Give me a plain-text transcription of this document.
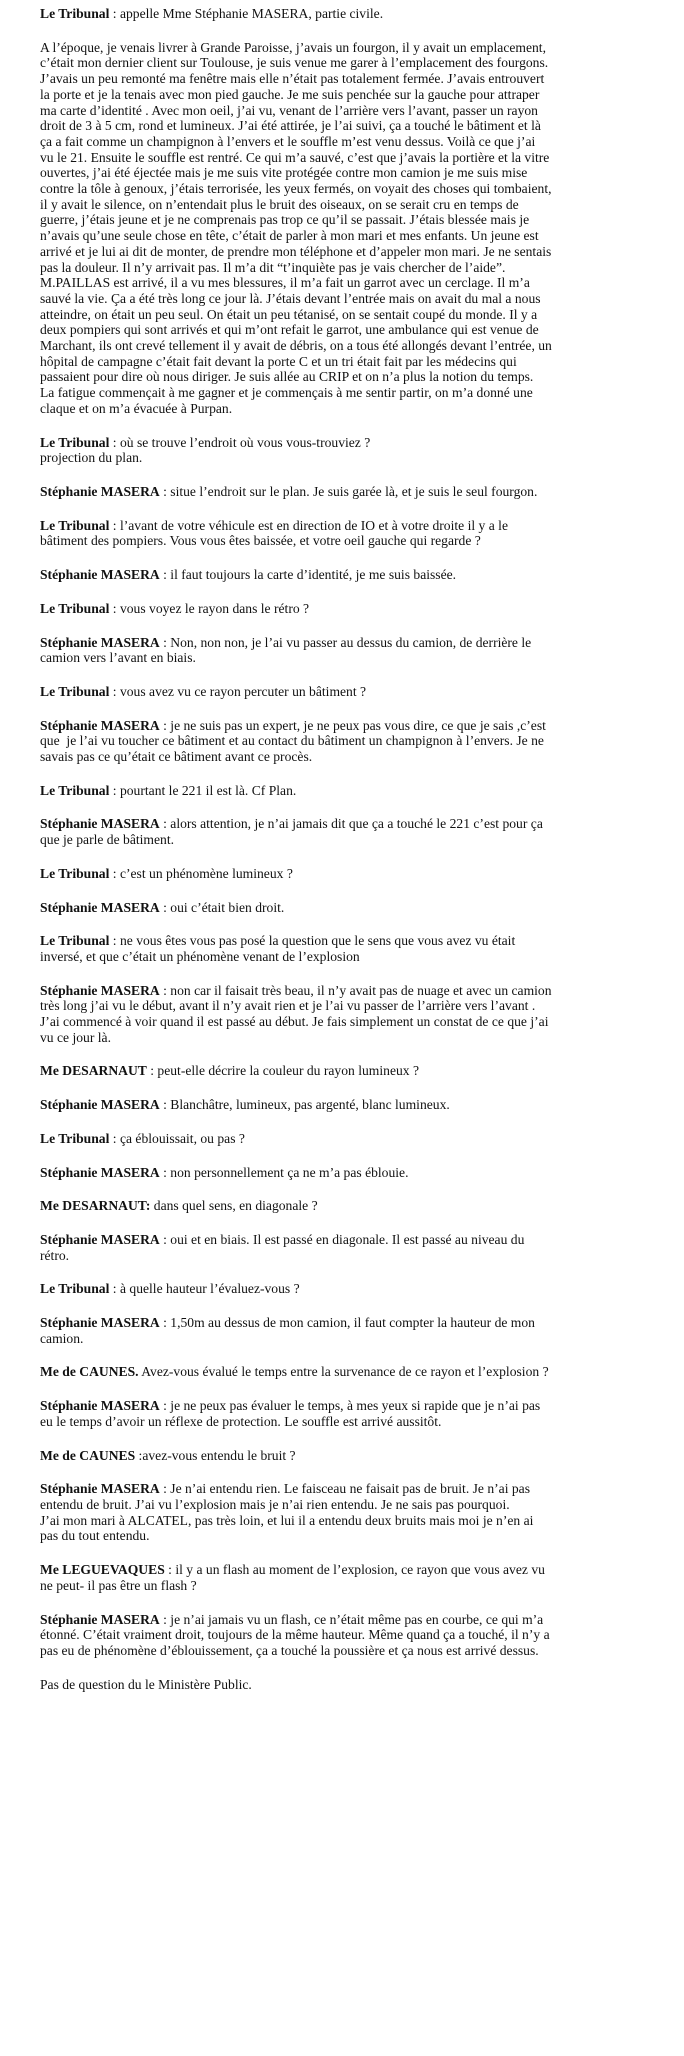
Le Tribunal : appelle Mme Stéphanie MASERA, partie civile.
A l’époque, je venais livrer à Grande Paroisse, j’avais un fourgon, il y avait un emplacement,
c’était mon dernier client sur Toulouse, je suis venue me garer à l’emplacement des fourgons.
J’avais un peu remonté ma fenêtre mais elle n’était pas totalement fermée. J’avais entrouvert
la porte et je la tenais avec mon pied gauche. Je me suis penchée sur la gauche pour attraper
ma carte d’identité . Avec mon oeil, j’ai vu, venant de l’arrière vers l’avant, passer un rayon
droit de 3 à 5 cm, rond et lumineux. J’ai été attirée, je l’ai suivi, ça a touché le bâtiment et là
ça a fait comme un champignon à l’envers et le souffle m’est venu dessus. Voilà ce que j’ai
vu le 21. Ensuite le souffle est rentré. Ce qui m’a sauvé, c’est que j’avais la portière et la vitre
ouvertes, j’ai été éjectée mais je me suis vite protégée contre mon camion je me suis mise
contre la tôle à genoux, j’étais terrorisée, les yeux fermés, on voyait des choses qui tombaient,
il y avait le silence, on n’entendait plus le bruit des oiseaux, on se serait cru en temps de
guerre, j’étais jeune et je ne comprenais pas trop ce qu’il se passait. J’étais blessée mais je
n’avais qu’une seule chose en tête, c’était de parler à mon mari et mes enfants. Un jeune est
arrivé et je lui ai dit de monter, de prendre mon téléphone et d’appeler mon mari. Je ne sentais
pas la douleur. Il n’y arrivait pas. Il m’a dit “t’inquiète pas je vais chercher de l’aide”.
M.PAILLAS est arrivé, il a vu mes blessures, il m’a fait un garrot avec un cerclage. Il m’a
sauvé la vie. Ça a été très long ce jour là. J’étais devant l’entrée mais on avait du mal a nous
atteindre, on était un peu seul. On était un peu tétanisé, on se sentait coupé du monde. Il y a
deux pompiers qui sont arrivés et qui m’ont refait le garrot, une ambulance qui est venue de
Marchant, ils ont crevé tellement il y avait de débris, on a tous été allongés devant l’entrée, un
hôpital de campagne c’était fait devant la porte C et un tri était fait par les médecins qui
passaient pour dire où nous diriger. Je suis allée au CRIP et on n’a plus la notion du temps.
La fatigue commençait à me gagner et je commençais à me sentir partir, on m’a donné une
claque et on m’a évacuée à Purpan.
Le Tribunal : où se trouve l’endroit où vous vous-trouviez ?
projection du plan.
Stéphanie MASERA : situe l’endroit sur le plan. Je suis garée là, et je suis le seul fourgon.
Le Tribunal : l’avant de votre véhicule est en direction de IO et à votre droite il y a le
bâtiment des pompiers. Vous vous êtes baissée, et votre oeil gauche qui regarde ?
Stéphanie MASERA : il faut toujours la carte d’identité, je me suis baissée.
Le Tribunal : vous voyez le rayon dans le rétro ?
Stéphanie MASERA : Non, non non, je l’ai vu passer au dessus du camion, de derrière le
camion vers l’avant en biais.
Le Tribunal : vous avez vu ce rayon percuter un bâtiment ?
Stéphanie MASERA : je ne suis pas un expert, je ne peux pas vous dire, ce que je sais ,c’est
que  je l’ai vu toucher ce bâtiment et au contact du bâtiment un champignon à l’envers. Je ne
savais pas ce qu’était ce bâtiment avant ce procès.
Le Tribunal : pourtant le 221 il est là. Cf Plan.
Stéphanie MASERA : alors attention, je n’ai jamais dit que ça a touché le 221 c’est pour ça
que je parle de bâtiment.
Le Tribunal : c’est un phénomène lumineux ?
Stéphanie MASERA : oui c’était bien droit.
Le Tribunal : ne vous êtes vous pas posé la question que le sens que vous avez vu était
inversé, et que c’était un phénomène venant de l’explosion
Stéphanie MASERA : non car il faisait très beau, il n’y avait pas de nuage et avec un camion
très long j’ai vu le début, avant il n’y avait rien et je l’ai vu passer de l’arrière vers l’avant .
J’ai commencé à voir quand il est passé au début. Je fais simplement un constat de ce que j’ai
vu ce jour là.
Me DESARNAUT : peut-elle décrire la couleur du rayon lumineux ?
Stéphanie MASERA : Blanchâtre, lumineux, pas argenté, blanc lumineux.
Le Tribunal : ça éblouissait, ou pas ?
Stéphanie MASERA : non personnellement ça ne m’a pas éblouie.
Me DESARNAUT: dans quel sens, en diagonale ?
Stéphanie MASERA : oui et en biais. Il est passé en diagonale. Il est passé au niveau du
rétro.
Le Tribunal : à quelle hauteur l’évaluez-vous ?
Stéphanie MASERA : 1,50m au dessus de mon camion, il faut compter la hauteur de mon
camion.
Me de CAUNES. Avez-vous évalué le temps entre la survenance de ce rayon et l’explosion ?
Stéphanie MASERA : je ne peux pas évaluer le temps, à mes yeux si rapide que je n’ai pas
eu le temps d’avoir un réflexe de protection. Le souffle est arrivé aussitôt.
Me de CAUNES :avez-vous entendu le bruit ?
Stéphanie MASERA : Je n’ai entendu rien. Le faisceau ne faisait pas de bruit. Je n’ai pas
entendu de bruit. J’ai vu l’explosion mais je n’ai rien entendu. Je ne sais pas pourquoi.
J’ai mon mari à ALCATEL, pas très loin, et lui il a entendu deux bruits mais moi je n’en ai
pas du tout entendu.
Me LEGUEVAQUES : il y a un flash au moment de l’explosion, ce rayon que vous avez vu
ne peut- il pas être un flash ?
Stéphanie MASERA : je n’ai jamais vu un flash, ce n’était même pas en courbe, ce qui m’a
étonné. C’était vraiment droit, toujours de la même hauteur. Même quand ça a touché, il n’y a
pas eu de phénomène d’éblouissement, ça a touché la poussière et ça nous est arrivé dessus.
Pas de question du le Ministère Public.
